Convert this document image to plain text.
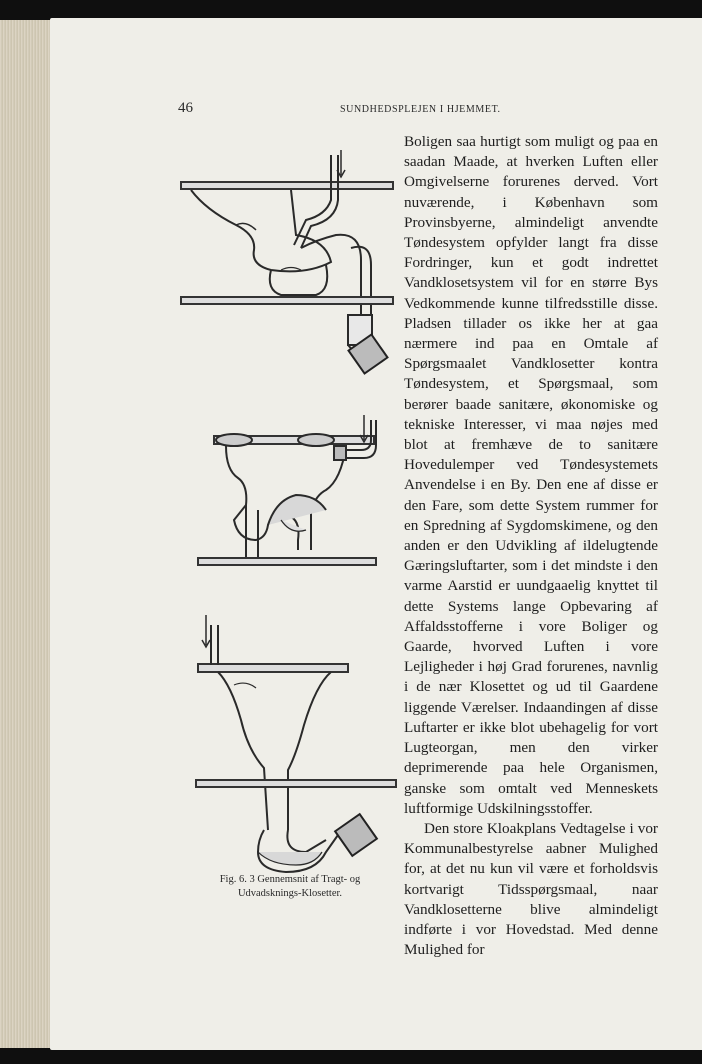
46	SUNDHEDSPLEJEN I HJEMMET.
Fig. 6. 3 Gennemsnit af Tragt- og
Udvadsknings-Klosetter.

Boligen saa hurtigt som muligt og paa en saadan Maade, at hverken Luften eller Omgivelserne forurenes derved. Vort nuværende, i København som Provinsbyerne, almindeligt anvendte Tøndesystem opfylder langt fra disse Fordringer, kun et godt indrettet Vandklosetsystem vil for en større Bys Vedkommende kunne tilfredsstille disse. Pladsen tillader os ikke her at gaa nærmere ind paa en Omtale af Spørgsmaalet Vandklosetter kontra Tøndesystem, et Spørgsmaal, som berører baade sanitære, økonomiske og tekniske Interesser, vi maa nøjes med blot at fremhæve de to sanitære Hovedulemper ved Tøndesystemets Anvendelse i en By. Den ene af disse er den Fare, som dette System rummer for en Spredning af Sygdomskimene, og den anden er den Udvikling af ildelugtende Gæringsluftarter, som i det mindste i den varme Aarstid er uundgaaelig knyttet til dette Systems lange Opbevaring af Affaldsstofferne i vore Boliger og Gaarde, hvorved Luften i vore Lejligheder i høj Grad forurenes, navnlig i de nær Klosettet og ud til Gaardene liggende Værelser. Indaandingen af disse Luftarter er ikke blot ubehagelig for vort Lugteorgan, men den virker deprimerende paa hele Organismen, ganske som omtalt ved Menneskets luftformige Udskilningsstoffer.

Den store Kloakplans Vedtagelse i vor Kommunalbestyrelse aabner Mulighed for, at det nu kun vil være et forholdsvis kortvarigt Tidsspørgsmaal, naar Vandklosetterne blive almindeligt indførte i vor Hovedstad. Med denne Mulighed for
